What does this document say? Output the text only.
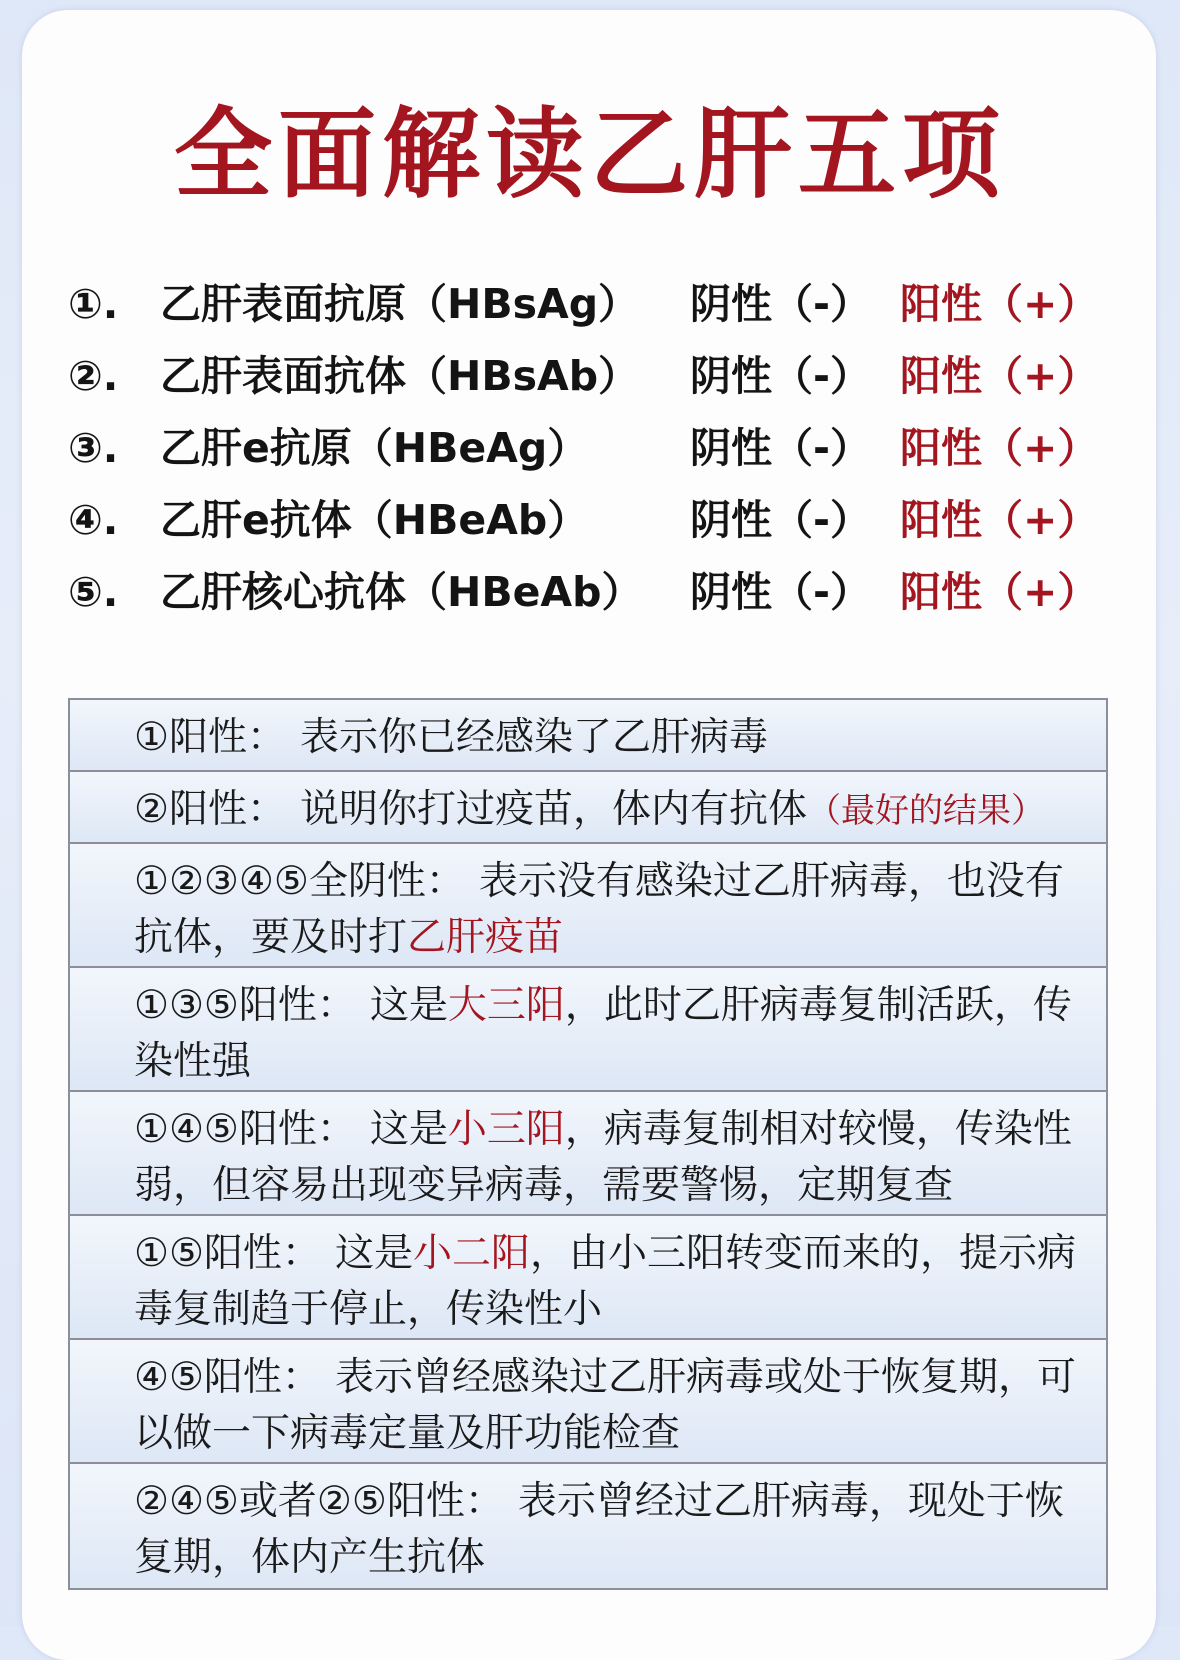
全面解读乙肝五项
①. 乙肝表面抗原（HBsAg） 阴性（-） 阳性（+）
②. 乙肝表面抗体（HBsAb） 阴性（-） 阳性（+）
③. 乙肝e抗原（HBeAg） 阴性（-） 阳性（+）
④. 乙肝e抗体（HBeAb） 阴性（-） 阳性（+）
⑤. 乙肝核心抗体（HBeAb） 阴性（-） 阳性（+）
①阳性： 表示你已经感染了乙肝病毒
②阳性： 说明你打过疫苗，体内有抗体（最好的结果）
①②③④⑤全阴性： 表示没有感染过乙肝病毒，也没有抗体，要及时打乙肝疫苗
①③⑤阳性： 这是大三阳，此时乙肝病毒复制活跃，传染性强
①④⑤阳性： 这是小三阳，病毒复制相对较慢，传染性弱，但容易出现变异病毒，需要警惕，定期复查
①⑤阳性： 这是小二阳，由小三阳转变而来的，提示病毒复制趋于停止，传染性小
④⑤阳性： 表示曾经感染过乙肝病毒或处于恢复期，可以做一下病毒定量及肝功能检查
②④⑤或者②⑤阳性： 表示曾经过乙肝病毒，现处于恢复期，体内产生抗体
